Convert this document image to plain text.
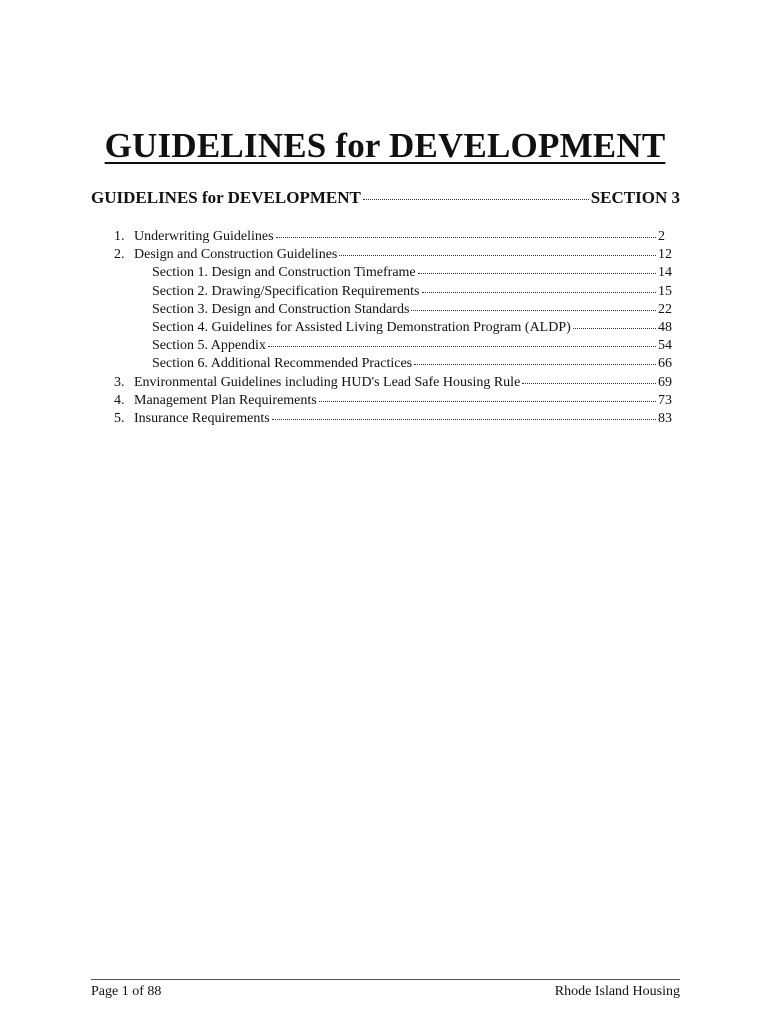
GUIDELINES for DEVELOPMENT
GUIDELINES for DEVELOPMENT	SECTION 3
1. Underwriting Guidelines	2
2. Design and Construction Guidelines	12
Section 1. Design and Construction Timeframe	14
Section 2. Drawing/Specification Requirements	15
Section 3. Design and Construction Standards	22
Section 4. Guidelines for Assisted Living Demonstration Program (ALDP)	48
Section 5. Appendix	54
Section 6. Additional Recommended Practices	66
3. Environmental Guidelines including HUD's Lead Safe Housing Rule	69
4. Management Plan Requirements	73
5. Insurance Requirements	83
Page 1 of 88	Rhode Island Housing
